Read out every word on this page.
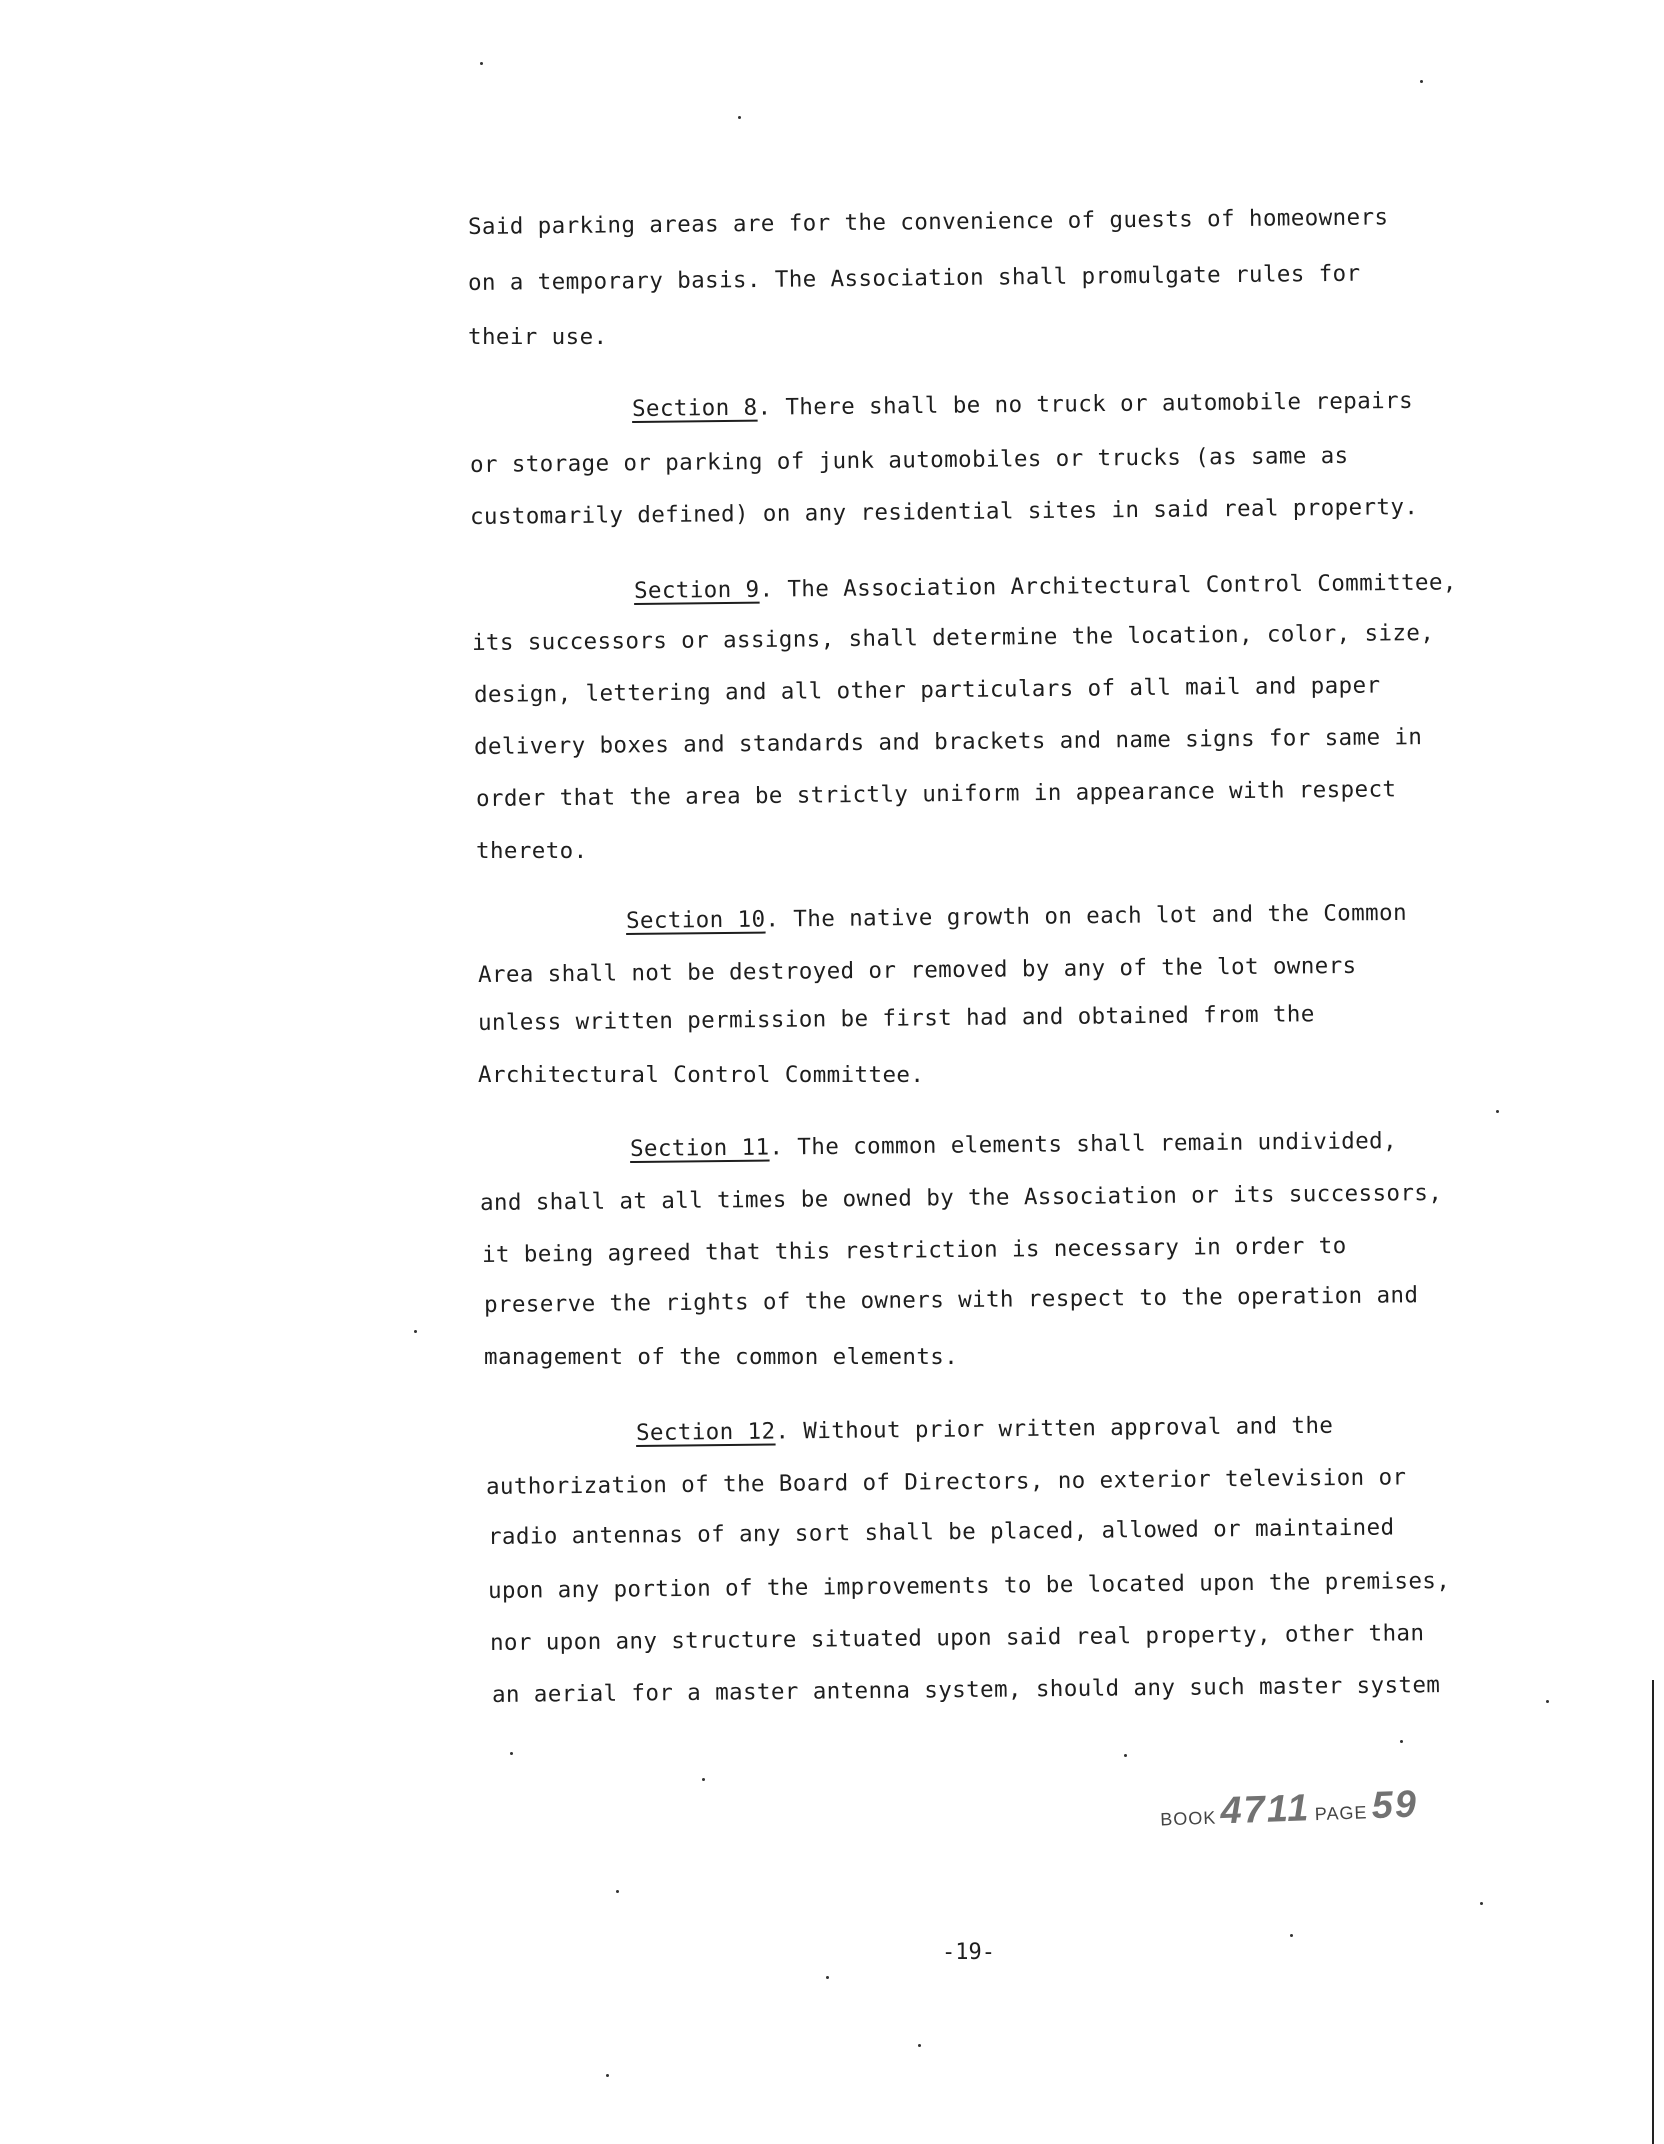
Said parking areas are for the convenience of guests of homeowners
on a temporary basis. The Association shall promulgate rules for
their use.
Section 8. There shall be no truck or automobile repairs
or storage or parking of junk automobiles or trucks (as same as
customarily defined) on any residential sites in said real property.
Section 9. The Association Architectural Control Committee,
its successors or assigns, shall determine the location, color, size,
design, lettering and all other particulars of all mail and paper
delivery boxes and standards and brackets and name signs for same in
order that the area be strictly uniform in appearance with respect
thereto.
Section 10. The native growth on each lot and the Common
Area shall not be destroyed or removed by any of the lot owners
unless written permission be first had and obtained from the
Architectural Control Committee.
Section 11. The common elements shall remain undivided,
and shall at all times be owned by the Association or its successors,
it being agreed that this restriction is necessary in order to
preserve the rights of the owners with respect to the operation and
management of the common elements.
Section 12. Without prior written approval and the
authorization of the Board of Directors, no exterior television or
radio antennas of any sort shall be placed, allowed or maintained
upon any portion of the improvements to be located upon the premises,
nor upon any structure situated upon said real property, other than
an aerial for a master antenna system, should any such master system
BOOK 4711 PAGE 59
-19-
